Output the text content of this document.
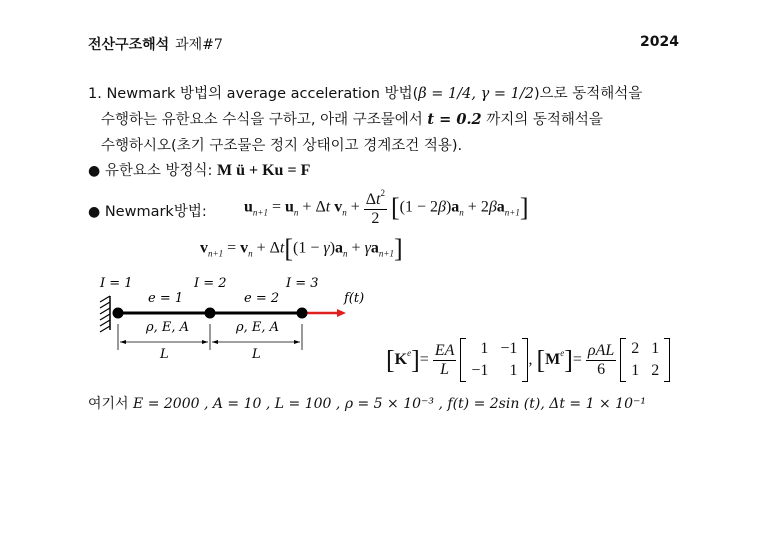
전산구조해석 과제#7	2024
1. Newmark 방법의 average acceleration 방법(β = 1/4, γ = 1/2)으로 동적해석을
수행하는 유한요소 수식을 구하고, 아래 구조물에서 t = 0.2 까지의 동적해석을
수행하시오(초기 구조물은 정지 상태이고 경계조건 적용).
● 유한요소 방정식: M ü + Ku = F
● Newmark방법: $u_{n+1} = u_n + \Delta t$ $v_n + \frac{\Delta t^2}{2} [(1 - 2\beta)a_n + 2\beta a_{n+1}]$
$v_{n+1} = v_n + \Delta t[(1 - \gamma)a_n + \gamma a_{n+1}]$
I = 1	I = 2	I = 3
e = 1	e = 2
ρ, E, A	ρ, E, A
L	L
f(t)
$[K^e]= \frac{EA}{L}$
1	−1
−1	1
, $[M^e]= \frac{\text{ρAL}}{6}$
2	1
1	2
여기서 E = 2000 , A = 10 , L = 100 , ρ = 5 × 10⁻³ , f(t) = 2sin (t), Δt = 1 × 10⁻¹
